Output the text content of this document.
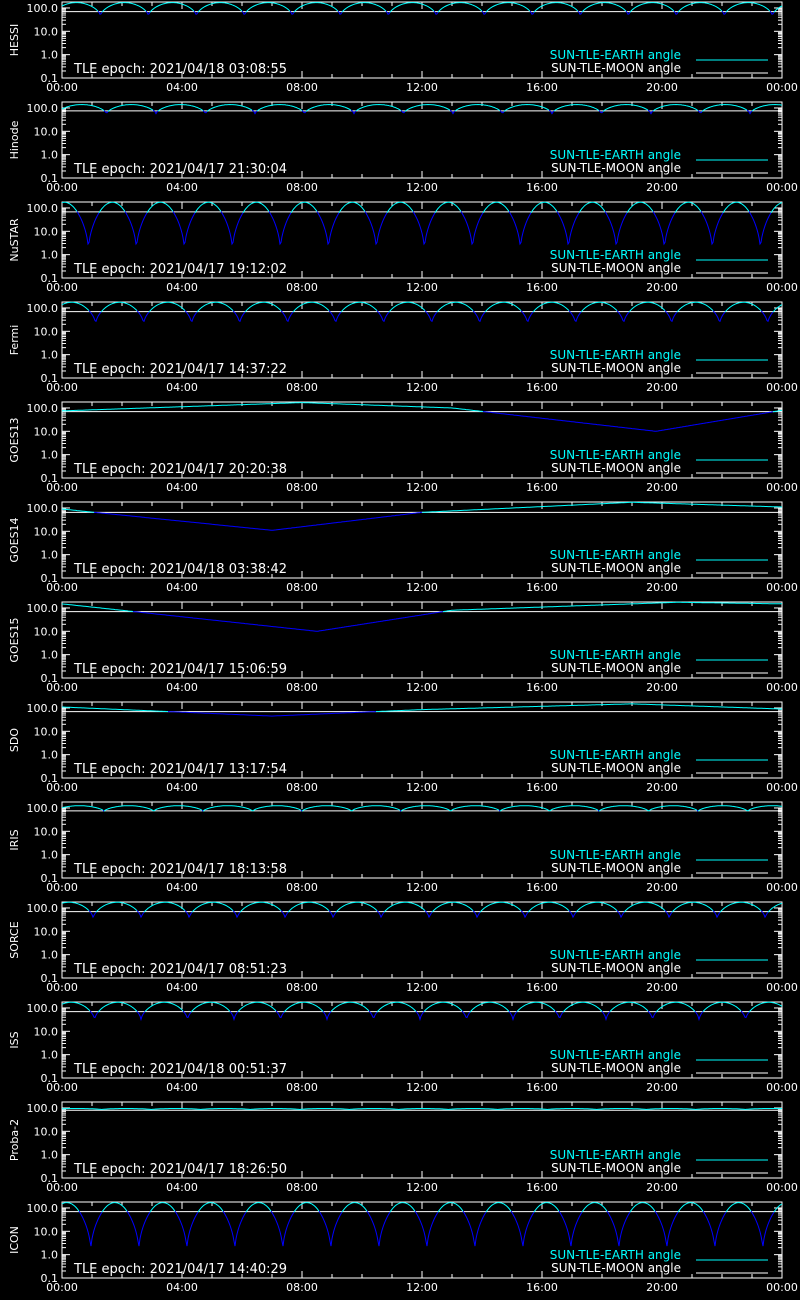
100.0
10.0
1.0
0.1
00:00	04:00	08:00	12:00	16:00	20:00	00:00
HESSI
TLE epoch: 2021/04/18 03:08:55
SUN-TLE-EARTH angle
SUN-TLE-MOON angle
100.0
10.0
1.0
0.1
00:00	04:00	08:00	12:00	16:00	20:00	00:00
Hinode
TLE epoch: 2021/04/17 21:30:04
SUN-TLE-EARTH angle
SUN-TLE-MOON angle
100.0
10.0
1.0
0.1
00:00	04:00	08:00	12:00	16:00	20:00	00:00
NuSTAR
TLE epoch: 2021/04/17 19:12:02
SUN-TLE-EARTH angle
SUN-TLE-MOON angle
100.0
10.0
1.0
0.1
00:00	04:00	08:00	12:00	16:00	20:00	00:00
Fermi
TLE epoch: 2021/04/17 14:37:22
SUN-TLE-EARTH angle
SUN-TLE-MOON angle
100.0
10.0
1.0
0.1
00:00	04:00	08:00	12:00	16:00	20:00	00:00
GOES13
TLE epoch: 2021/04/17 20:20:38
SUN-TLE-EARTH angle
SUN-TLE-MOON angle
100.0
10.0
1.0
0.1
00:00	04:00	08:00	12:00	16:00	20:00	00:00
GOES14
TLE epoch: 2021/04/18 03:38:42
SUN-TLE-EARTH angle
SUN-TLE-MOON angle
100.0
10.0
1.0
0.1
00:00	04:00	08:00	12:00	16:00	20:00	00:00
GOES15
TLE epoch: 2021/04/17 15:06:59
SUN-TLE-EARTH angle
SUN-TLE-MOON angle
100.0
10.0
1.0
0.1
00:00	04:00	08:00	12:00	16:00	20:00	00:00
SDO
TLE epoch: 2021/04/17 13:17:54
SUN-TLE-EARTH angle
SUN-TLE-MOON angle
100.0
10.0
1.0
0.1
00:00	04:00	08:00	12:00	16:00	20:00	00:00
IRIS
TLE epoch: 2021/04/17 18:13:58
SUN-TLE-EARTH angle
SUN-TLE-MOON angle
100.0
10.0
1.0
0.1
00:00	04:00	08:00	12:00	16:00	20:00	00:00
SORCE
TLE epoch: 2021/04/17 08:51:23
SUN-TLE-EARTH angle
SUN-TLE-MOON angle
100.0
10.0
1.0
0.1
00:00	04:00	08:00	12:00	16:00	20:00	00:00
ISS
TLE epoch: 2021/04/18 00:51:37
SUN-TLE-EARTH angle
SUN-TLE-MOON angle
100.0
10.0
1.0
0.1
00:00	04:00	08:00	12:00	16:00	20:00	00:00
Proba-2
TLE epoch: 2021/04/17 18:26:50
SUN-TLE-EARTH angle
SUN-TLE-MOON angle
100.0
10.0
1.0
0.1
00:00	04:00	08:00	12:00	16:00	20:00	00:00
ICON
TLE epoch: 2021/04/17 14:40:29
SUN-TLE-EARTH angle
SUN-TLE-MOON angle
